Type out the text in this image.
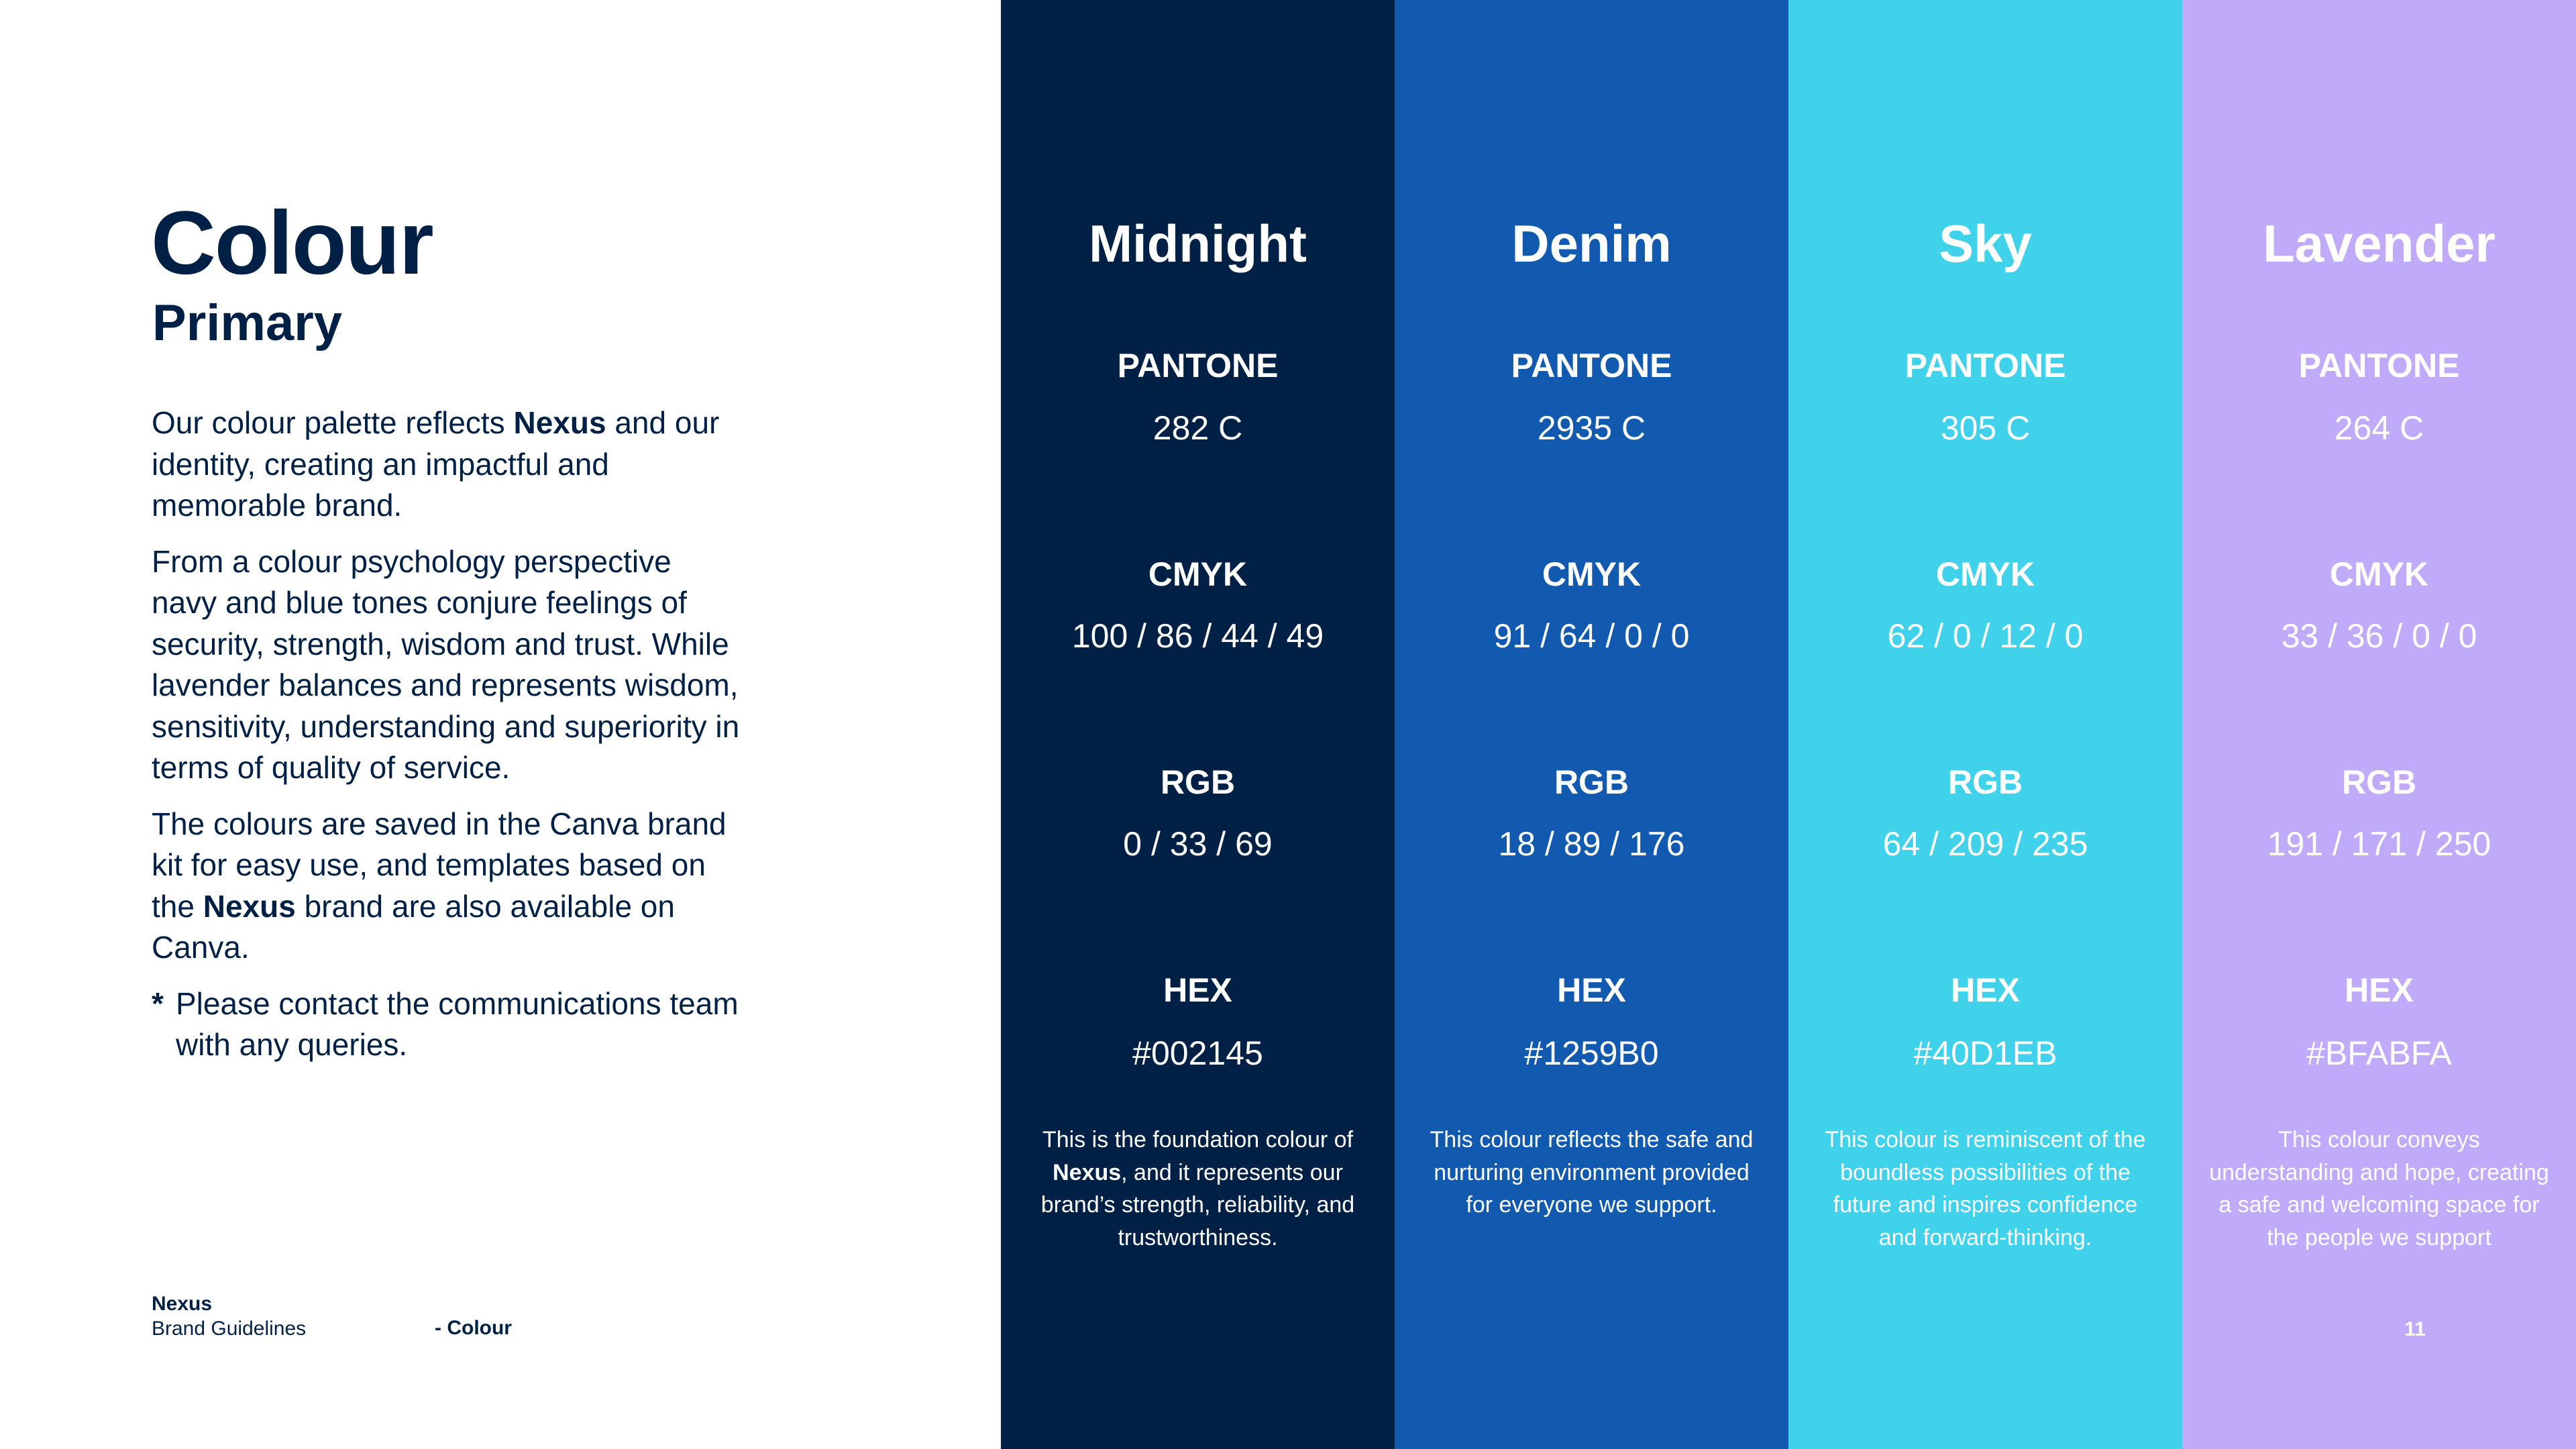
Colour
Primary

Our colour palette reflects Nexus and our identity, creating an impactful and memorable brand.

From a colour psychology perspective navy and blue tones conjure feelings of security, strength, wisdom and trust. While lavender balances and represents wisdom, sensitivity, understanding and superiority in terms of quality of service.

The colours are saved in the Canva brand kit for easy use, and templates based on the Nexus brand are also available on Canva.

* Please contact the communications team with any queries.
Nexus
Brand Guidelines	- Colour
Midnight
PANTONE
282 C
CMYK
100 / 86 / 44 / 49
RGB
0 / 33 / 69
HEX
#002145
This is the foundation colour of Nexus, and it represents our brand’s strength, reliability, and trustworthiness.
Denim
PANTONE
2935 C
CMYK
91 / 64 / 0 / 0
RGB
18 / 89 / 176
HEX
#1259B0
This colour reflects the safe and nurturing environment provided for everyone we support.
Sky
PANTONE
305 C
CMYK
62 / 0 / 12 / 0
RGB
64 / 209 / 235
HEX
#40D1EB
This colour is reminiscent of the boundless possibilities of the future and inspires confidence and forward-thinking.
Lavender
PANTONE
264 C
CMYK
33 / 36 / 0 / 0
RGB
191 / 171 / 250
HEX
#BFABFA
This colour conveys understanding and hope, creating a safe and welcoming space for the people we support
11
